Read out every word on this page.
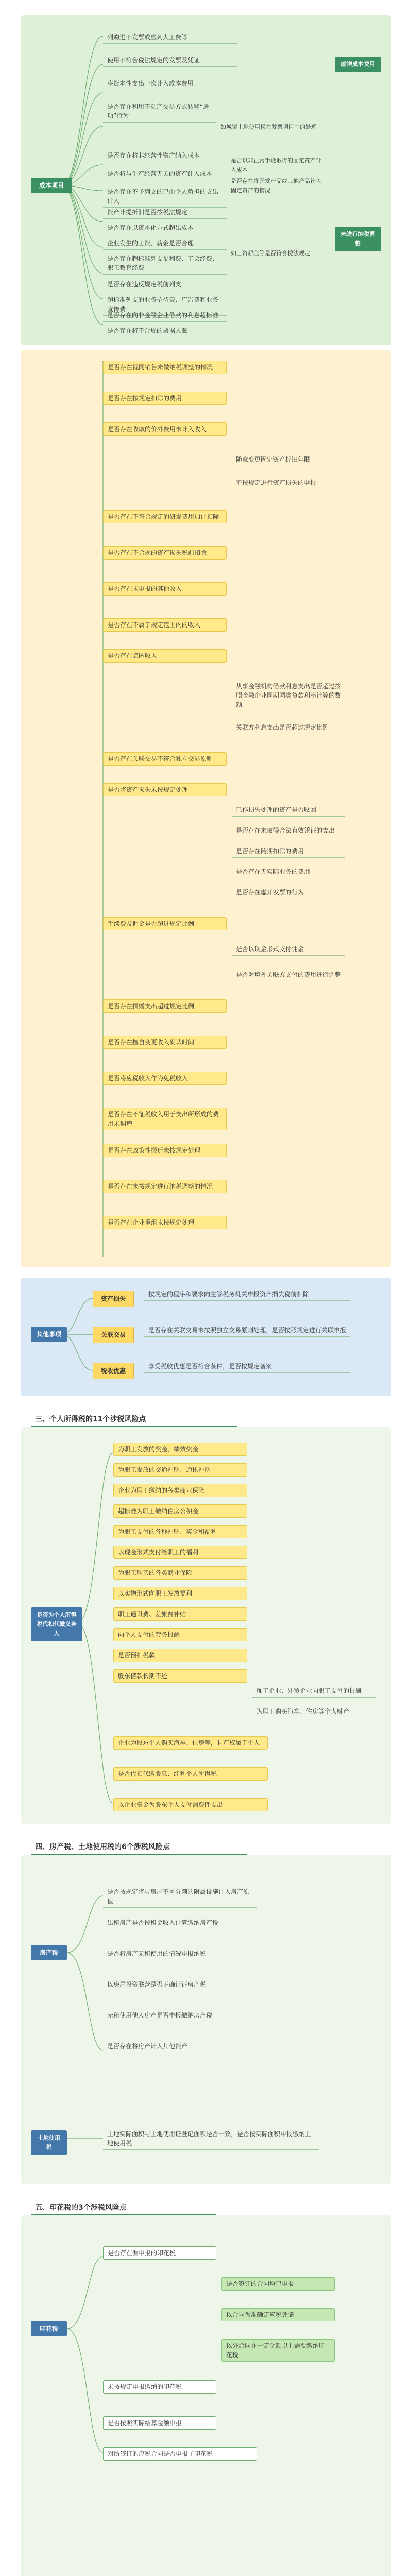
成本项目
虚增成本费用
未进行纳税调整
列购进不发票或虚列人工费等
使用不符合税法规定的发票及凭证
将资本性支出一次计入成本费用
是否存在利用不动产交易方式转移“进项”行为
如城镇土地使用税在发票项目中的处理
是否存在将非经营性资产纳入成本
是否将与生产经营无关的资产计入成本
是否存在不予列支的已由个人负担的支出计入
是否以非正常手段取得的固定资产计入成本
是否存在将开发产品或其他产品计入固定资产的情况
资产计提折旧是否按税法规定
是否存在以资本化方式超出成本
企业发生的工资、薪金是否合理
是否存在超标准列支福利费、工会经费、职工教育经费
如工资薪金等是否符合税法规定
是否存在违反规定税前列支
超标准列支的业务招待费、广告费和业务宣传费
是否存在向非金融企业借款的利息超标准
是否存在将不合规的票据入账
是否存在视同销售未做纳税调整的情况
是否存在按规定扣除的费用
是否存在收取的价外费用未计入收入
随意变更固定资产折旧年限
不按规定进行资产损失的申报
是否存在不符合规定的研发费用加计扣除
是否存在不合规的资产损失税前扣除
是否存在未申报的其他收入
是否存在不属于规定范围内的收入
是否存在隐匿收入
从事金融机构借款利息支出是否超过按照金融企业同期同类贷款利率计算的数额
关联方利息支出是否超过规定比例
是否存在关联交易不符合独立交易原则
是否将资产损失未按规定处理
已作损失处理的资产是否收回
是否存在未取得合法有效凭证的支出
是否存在跨期扣除的费用
是否存在无实际业务的费用
是否存在虚开发票的行为
手续费及佣金是否超过规定比例
是否以现金形式支付佣金
是否对境外关联方支付的费用进行调整
是否存在捐赠支出超过规定比例
是否存在擅自变更收入确认时间
是否将应税收入作为免税收入
是否存在不征税收入用于支出所形成的费用未调增
是否存在政策性搬迁未按规定处理
是否存在未按规定进行纳税调整的情况
是否存在企业重组未按规定处理
其他事项
资产损失
关联交易
税收优惠
按规定的程序和要求向主管税务机关申报资产损失税前扣除
是否存在关联交易未按照独立交易原则处理，是否按照规定进行关联申报
享受税收优惠是否符合条件，是否按规定备案
三、个人所得税的11个涉税风险点
是否为个人所得税代扣代缴义务人
为职工发放的奖金、绩效奖金
为职工发放的交通补贴、通讯补贴
企业为职工缴纳的各类商业保险
超标准为职工缴纳住房公积金
为职工支付的各种补贴、奖金和福利
以现金形式支付给职工的福利
为职工购买的各类商业保险
以实物形式向职工发放福利
职工通讯费、差旅费补贴
向个人支付的劳务报酬
是否预扣税款
股东借款长期不还
加工企业、外贸企业向职工支付的报酬
为职工购买汽车、住房等个人财产
企业为股东个人购买汽车、住房等，且产权属于个人
是否代扣代缴股息、红利个人所得税
以企业资金为股东个人支付消费性支出
四、房产税、土地使用税的6个涉税风险点
房产税
土地使用税
是否按规定将与房屋不可分割的附属设施计入房产原值
出租房产是否按租金收入计算缴纳房产税
是否将房产无租使用的情况申报纳税
以房屋投资联营是否正确计征房产税
无租使用他人房产是否申报缴纳房产税
是否存在将房产计入其他资产
土地实际面积与土地使用证登记面积是否一致，是否按实际面积申报缴纳土地使用税
五、印花税的3个涉税风险点
印花税
是否存在漏申报的印花税
是否签订的合同均已申报
以合同为准确定应税凭证
以外合同在一定金额以上需要缴纳印花税
未按规定申报缴纳的印花税
是否按照实际结算金额申报
对所签订的应税合同是否申报了印花税
